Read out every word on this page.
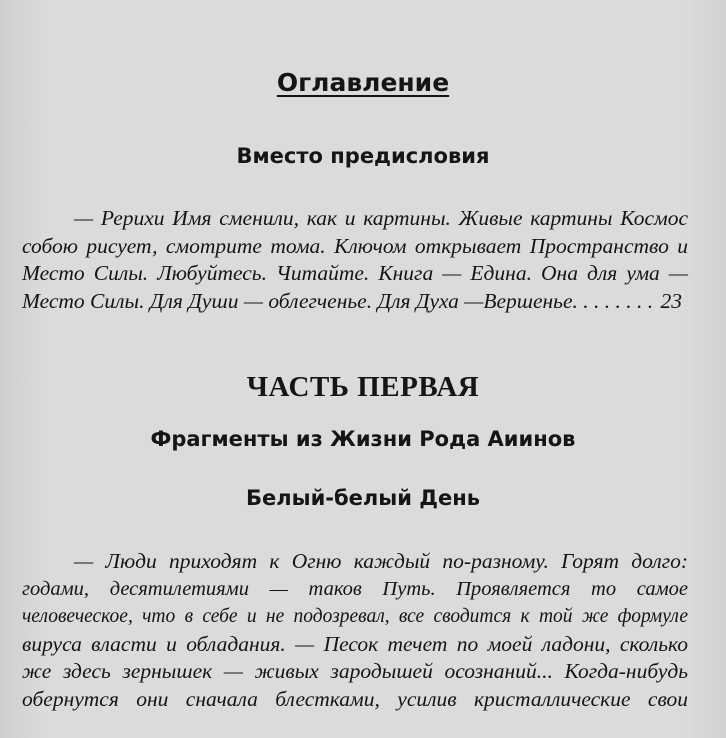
Оглавление
Вместо предисловия
— Рерихи Имя сменили, как и картины. Живые картины Космос
собою рисует, смотрите тома. Ключом открывает Пространство и
Место Силы. Любуйтесь. Читайте. Книга — Едина. Она для ума —
Место Силы. Для Души — облегченье. Для Духа —Вершенье. . . . . . . . 23
ЧАСТЬ ПЕРВАЯ
Фрагменты из Жизни Рода Аиинов
Белый-белый День
— Люди приходят к Огню каждый по-разному. Горят долго:
годами, десятилетиями — таков Путь. Проявляется то самое
человеческое, что в себе и не подозревал, все сводится к той же формуле
вируса власти и обладания. — Песок течет по моей ладони, сколько
же здесь зернышек — живых зародышей осознаний... Когда-нибудь
обернутся они сначала блестками, усилив кристаллические свои
